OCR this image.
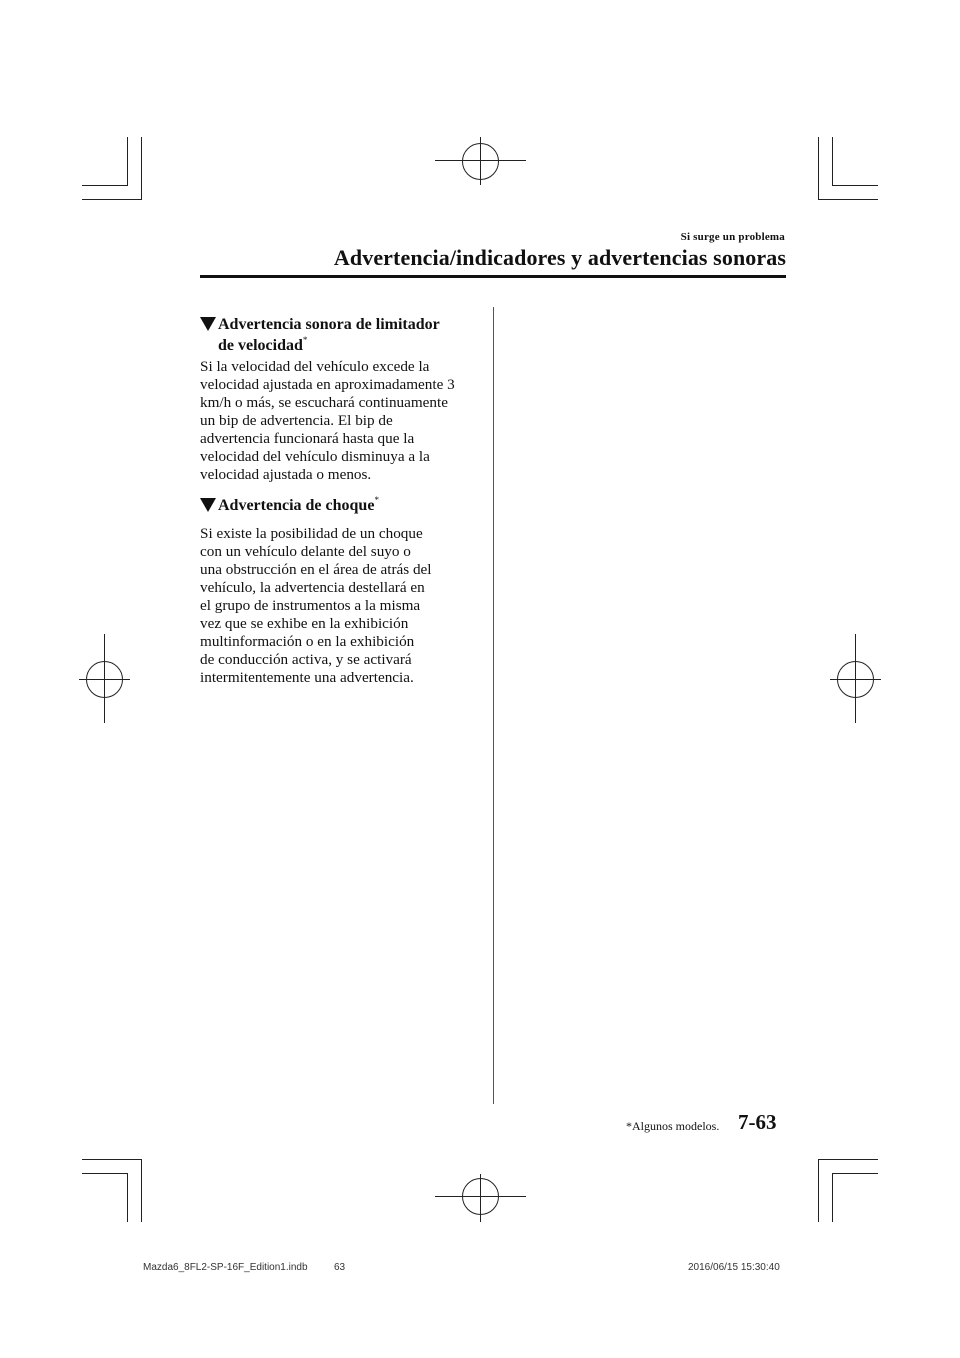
Si surge un problema
Advertencia/indicadores y advertencias sonoras
Advertencia sonora de limitador
de velocidad*
Si la velocidad del vehículo excede la
velocidad ajustada en aproximadamente 3
km/h o más, se escuchará continuamente
un bip de advertencia. El bip de
advertencia funcionará hasta que la
velocidad del vehículo disminuya a la
velocidad ajustada o menos.
Advertencia de choque*
Si existe la posibilidad de un choque
con un vehículo delante del suyo o
una obstrucción en el área de atrás del
vehículo, la advertencia destellará en
el grupo de instrumentos a la misma
vez que se exhibe en la exhibición
multinformación o en la exhibición
de conducción activa, y se activará
intermitentemente una advertencia.
*Algunos modelos. 7-63
Mazda6_8FL2-SP-16F_Edition1.indb	63	2016/06/15 15:30:40
